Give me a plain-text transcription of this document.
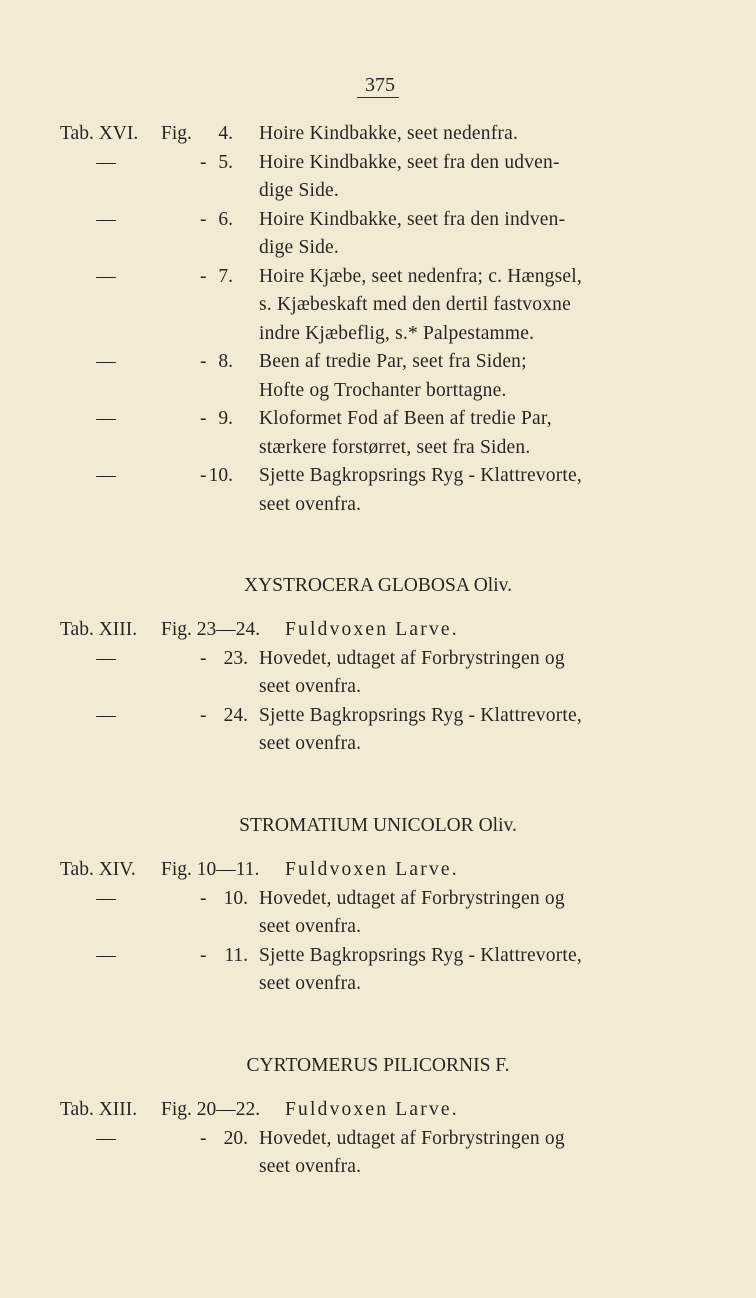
375
Tab. XVI. Fig.	4. Hoire Kindbakke, seet nedenfra.
—	- 5. Hoire Kindbakke, seet fra den udven-
dige Side.
—	- 6. Hoire Kindbakke, seet fra den indven-
dige Side.
—	- 7. Hoire Kjæbe, seet nedenfra; c. Hængsel,
s. Kjæbeskaft med den dertil fastvoxne
indre Kjæbeflig, s.* Palpestamme.
—	- 8. Been af tredie Par, seet fra Siden;
Hofte og Trochanter borttagne.
—	- 9. Kloformet Fod af Been af tredie Par,
stærkere forstørret, seet fra Siden.
—	- 10. Sjette Bagkropsrings Ryg - Klattrevorte,
seet ovenfra.
XYSTROCERA GLOBOSA Oliv.
Tab. XIII. Fig. 23—24. Fuldvoxen Larve.
—	- 23. Hovedet, udtaget af Forbrystringen og
seet ovenfra.
—	- 24. Sjette Bagkropsrings Ryg - Klattrevorte,
seet ovenfra.
STROMATIUM UNICOLOR Oliv.
Tab. XIV. Fig. 10—11. Fuldvoxen Larve.
—	- 10. Hovedet, udtaget af Forbrystringen og
seet ovenfra.
—	- 11. Sjette Bagkropsrings Ryg - Klattrevorte,
seet ovenfra.
CYRTOMERUS PILICORNIS F.
Tab. XIII. Fig. 20—22. Fuldvoxen Larve.
—	- 20. Hovedet, udtaget af Forbrystringen og
seet ovenfra.
